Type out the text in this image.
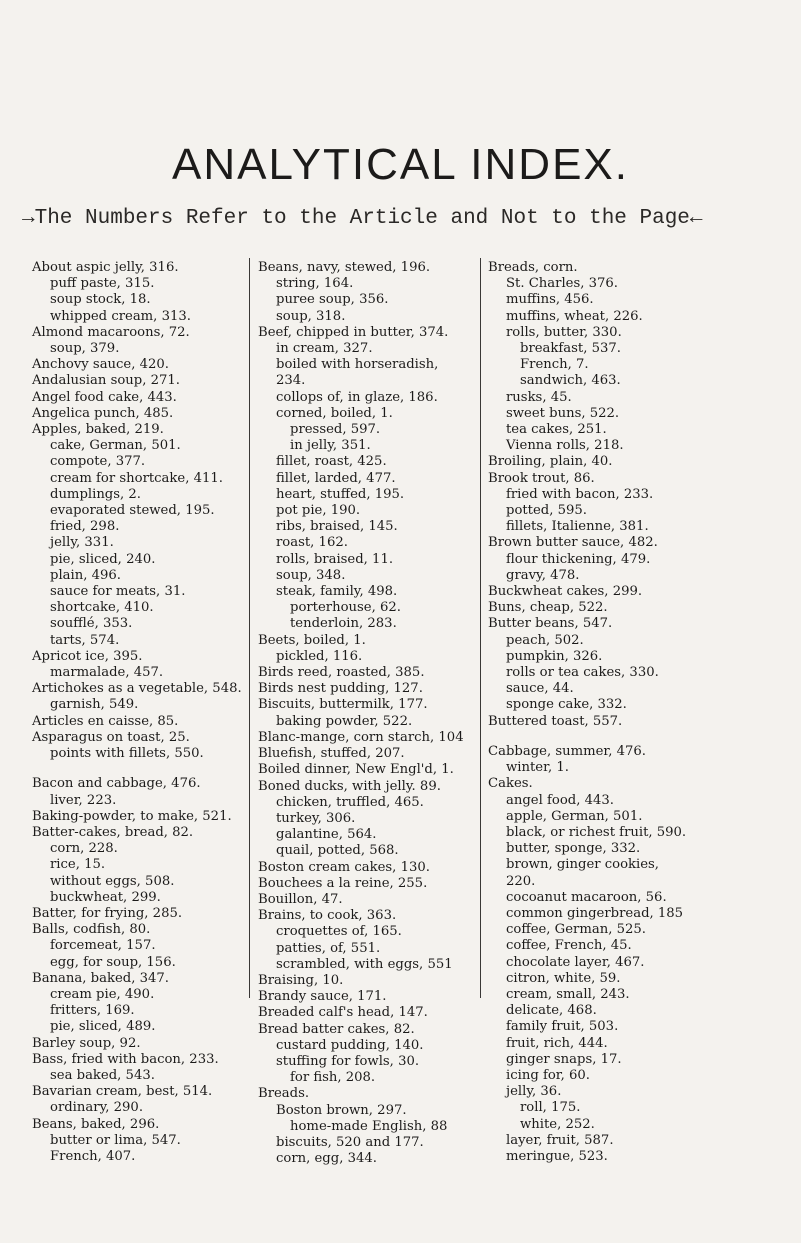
ANALYTICAL INDEX.

→The Numbers Refer to the Article and Not to the Page←

About aspic jelly, 316.
puff paste, 315.
soup stock, 18.
whipped cream, 313.
Almond macaroons, 72.
soup, 379.
Anchovy sauce, 420.
Andalusian soup, 271.
Angel food cake, 443.
Angelica punch, 485.
Apples, baked, 219.
cake, German, 501.
compote, 377.
cream for shortcake, 411.
dumplings, 2.
evaporated stewed, 195.
fried, 298.
jelly, 331.
pie, sliced, 240.
plain, 496.
sauce for meats, 31.
shortcake, 410.
soufflé, 353.
tarts, 574.
Apricot ice, 395.
marmalade, 457.
Artichokes as a vegetable, 548.
garnish, 549.
Articles en caisse, 85.
Asparagus on toast, 25.
points with fillets, 550.
Bacon and cabbage, 476.
liver, 223.
Baking-powder, to make, 521.
Batter-cakes, bread, 82.
corn, 228.
rice, 15.
without eggs, 508.
buckwheat, 299.
Batter, for frying, 285.
Balls, codfish, 80.
forcemeat, 157.
egg, for soup, 156.
Banana, baked, 347.
cream pie, 490.
fritters, 169.
pie, sliced, 489.
Barley soup, 92.
Bass, fried with bacon, 233.
sea baked, 543.
Bavarian cream, best, 514.
ordinary, 290.
Beans, baked, 296.
butter or lima, 547.
French, 407.
Beans, navy, stewed, 196.
string, 164.
puree soup, 356.
soup, 318.
Beef, chipped in butter, 374.
in cream, 327.
boiled with horseradish,
234.
collops of, in glaze, 186.
corned, boiled, 1.
pressed, 597.
in jelly, 351.
fillet, roast, 425.
fillet, larded, 477.
heart, stuffed, 195.
pot pie, 190.
ribs, braised, 145.
roast, 162.
rolls, braised, 11.
soup, 348.
steak, family, 498.
porterhouse, 62.
tenderloin, 283.
Beets, boiled, 1.
pickled, 116.
Birds reed, roasted, 385.
Birds nest pudding, 127.
Biscuits, buttermilk, 177.
baking powder, 522.
Blanc-mange, corn starch, 104
Bluefish, stuffed, 207.
Boiled dinner, New Engl'd, 1.
Boned ducks, with jelly. 89.
chicken, truffled, 465.
turkey, 306.
galantine, 564.
quail, potted, 568.
Boston cream cakes, 130.
Bouchees a la reine, 255.
Bouillon, 47.
Brains, to cook, 363.
croquettes of, 165.
patties, of, 551.
scrambled, with eggs, 551
Braising, 10.
Brandy sauce, 171.
Breaded calf's head, 147.
Bread batter cakes, 82.
custard pudding, 140.
stuffing for fowls, 30.
for fish, 208.
Breads.
Boston brown, 297.
home-made English, 88
biscuits, 520 and 177.
corn, egg, 344.
Breads, corn.
St. Charles, 376.
muffins, 456.
muffins, wheat, 226.
rolls, butter, 330.
breakfast, 537.
French, 7.
sandwich, 463.
rusks, 45.
sweet buns, 522.
tea cakes, 251.
Vienna rolls, 218.
Broiling, plain, 40.
Brook trout, 86.
fried with bacon, 233.
potted, 595.
fillets, Italienne, 381.
Brown butter sauce, 482.
flour thickening, 479.
gravy, 478.
Buckwheat cakes, 299.
Buns, cheap, 522.
Butter beans, 547.
peach, 502.
pumpkin, 326.
rolls or tea cakes, 330.
sauce, 44.
sponge cake, 332.
Buttered toast, 557.
Cabbage, summer, 476.
winter, 1.
Cakes.
angel food, 443.
apple, German, 501.
black, or richest fruit, 590.
butter, sponge, 332.
brown, ginger cookies,
220.
cocoanut macaroon, 56.
common gingerbread, 185
coffee, German, 525.
coffee, French, 45.
chocolate layer, 467.
citron, white, 59.
cream, small, 243.
delicate, 468.
family fruit, 503.
fruit, rich, 444.
ginger snaps, 17.
icing for, 60.
jelly, 36.
roll, 175.
white, 252.
layer, fruit, 587.
meringue, 523.
